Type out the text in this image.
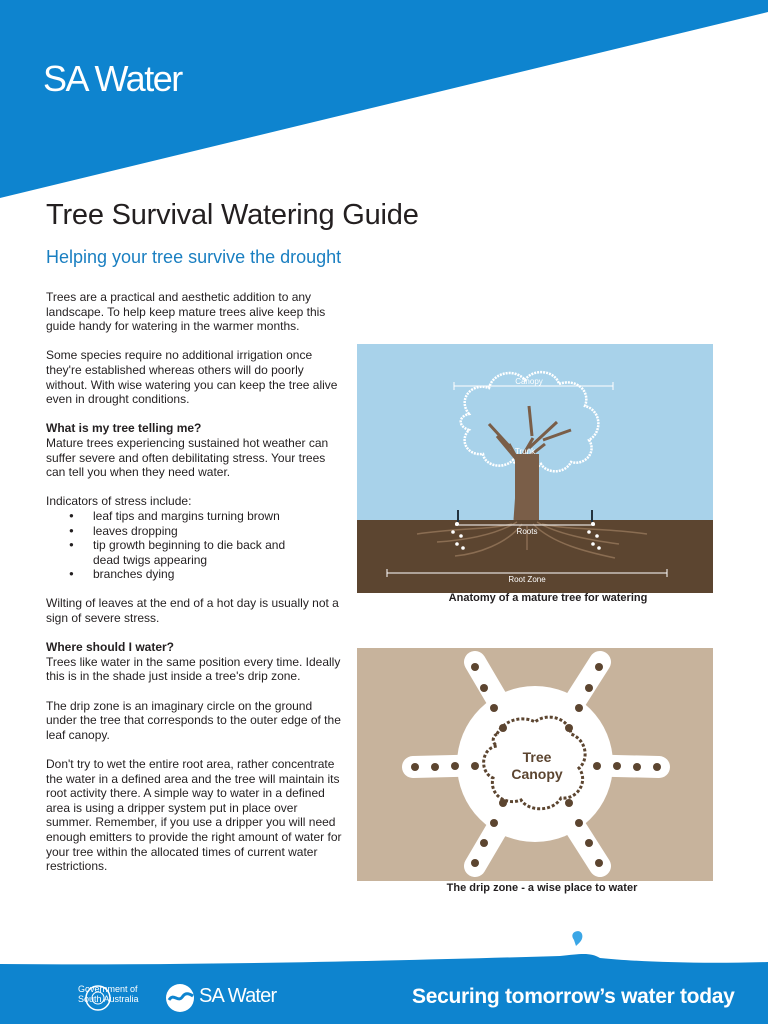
SA Water
Tree Survival Watering Guide
Helping your tree survive the drought

Trees are a practical and aesthetic addition to any landscape. To help keep mature trees alive keep this guide handy for watering in the warmer months.

Some species require no additional irrigation once they're established whereas others will do poorly without. With wise watering you can keep the tree alive even in drought conditions.

What is my tree telling me?

Mature trees experiencing sustained hot weather can suffer severe and often debilitating stress. Your trees can tell you when they need water.

Indicators of stress include:
● leaf tips and margins turning brown
● leaves dropping
● tip growth beginning to die back and dead twigs appearing
● branches dying

Wilting of leaves at the end of a hot day is usually not a sign of severe stress.

Where should I water?

Trees like water in the same position every time. Ideally this is in the shade just inside a tree's drip zone.

The drip zone is an imaginary circle on the ground under the tree that corresponds to the outer edge of the leaf canopy.

Don't try to wet the entire root area, rather concentrate the water in a defined area and the tree will maintain its root activity there. A simple way to water in a defined area is using a dripper system put in place over summer. Remember, if you use a dripper you will need enough emitters to provide the right amount of water for your tree within the allocated times of current water restrictions.

Canopy
Trunk
Roots
Root Zone

Anatomy of a mature tree for watering

Tree
Canopy

The drip zone - a wise place to water

Government of
South Australia	SA Water	Securing tomorrow’s water today
